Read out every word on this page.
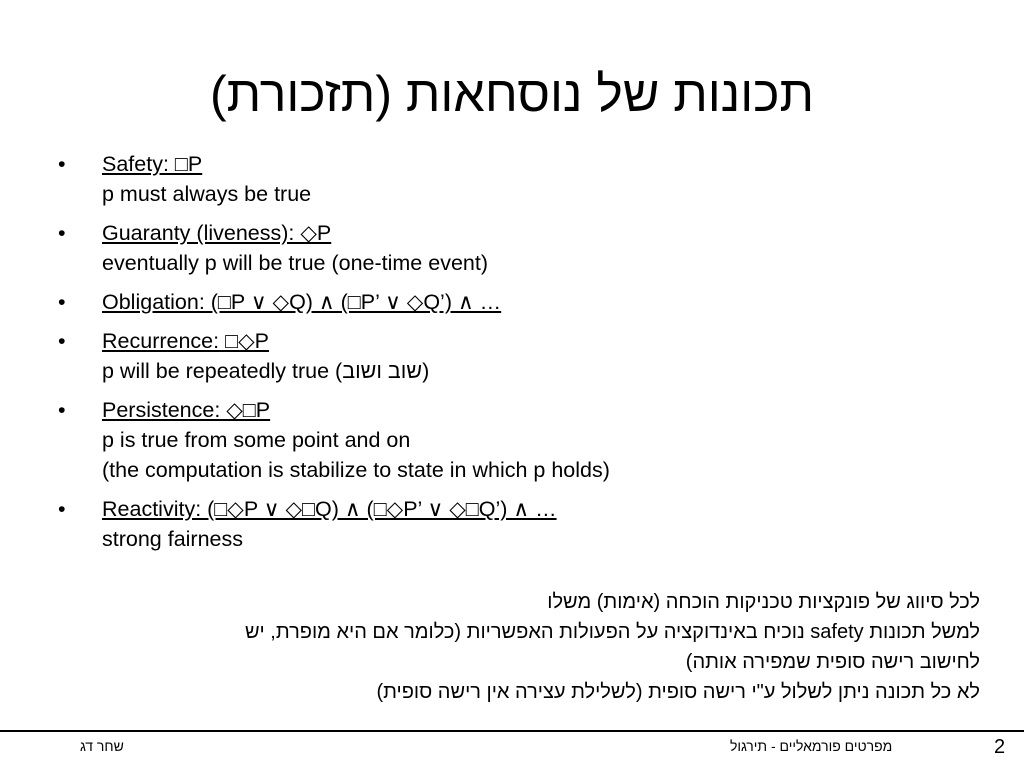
תכונות של נוסחאות (תזכורת)
• Safety: □P
p must always be true
• Guaranty (liveness): ◇P
eventually p will be true (one-time event)
• Obligation: (□P ∨ ◇Q) ∧ (□P’ ∨ ◇Q’) ∧ …
• Recurrence: □◇P
p will be repeatedly true (שוב ושוב)
• Persistence: ◇□P
p is true from some point and on
(the computation is stabilize to state in which p holds)
• Reactivity: (□◇P ∨ ◇□Q) ∧ (□◇P’ ∨ ◇□Q’) ∧ …
strong fairness
לכל סיווג של פונקציות טכניקות הוכחה (אימות) משלו
למשל תכונות safety נוכיח באינדוקציה על הפעולות האפשריות (כלומר אם היא מופרת, יש
לחישוב רישה סופית שמפירה אותה)
לא כל תכונה ניתן לשלול ע"י רישה סופית (לשלילת עצירה אין רישה סופית)
שחר דג	מפרטים פורמאליים - תירגול	2
